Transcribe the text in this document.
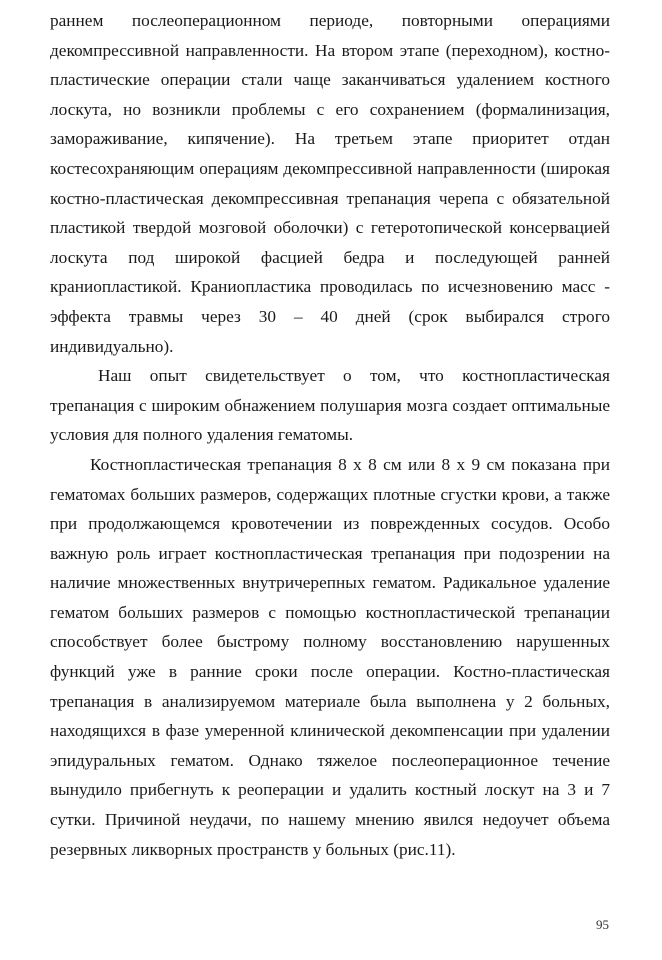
раннем послеоперационном периоде, повторными операциями декомпрессивной направленности. На втором этапе (переходном), костно-пластические операции стали чаще заканчиваться удалением костного лоскута, но возникли проблемы с его сохранением (формалинизация, замораживание, кипячение). На третьем этапе приоритет отдан костесохраняющим операциям декомпрессивной направленности (широкая костно-пластическая декомпрессивная трепанация черепа с обязательной пластикой твердой мозговой оболочки) с гетеротопической консервацией лоскута под широкой фасцией бедра и последующей ранней краниопластикой. Краниопластика проводилась по исчезновению масс - эффекта травмы через 30 – 40 дней (срок выбирался строго индивидуально).

Наш опыт свидетельствует о том, что костнопластическая трепанация с широким обнажением полушария мозга создает оптимальные условия для полного удаления гематомы.

Костнопластическая трепанация 8 х 8 см или 8 х 9 см показана при гематомах больших размеров, содержащих плотные сгустки крови, а также при продолжающемся кровотечении из поврежденных сосудов. Особо важную роль играет костнопластическая трепанация при подозрении на наличие множественных внутричерепных гематом. Радикальное удаление гематом больших размеров с помощью костнопластической трепанации способствует более быстрому полному восстановлению нарушенных функций уже в ранние сроки после операции. Костно-пластическая трепанация в анализируемом материале была выполнена у 2 больных, находящихся в фазе умеренной клинической декомпенсации при удалении эпидуральных гематом. Однако тяжелое послеоперационное течение вынудило прибегнуть к реоперации и удалить костный лоскут на 3 и 7 сутки. Причиной неудачи, по нашему мнению явился недоучет объема резервных ликворных пространств у больных (рис.11).

95
